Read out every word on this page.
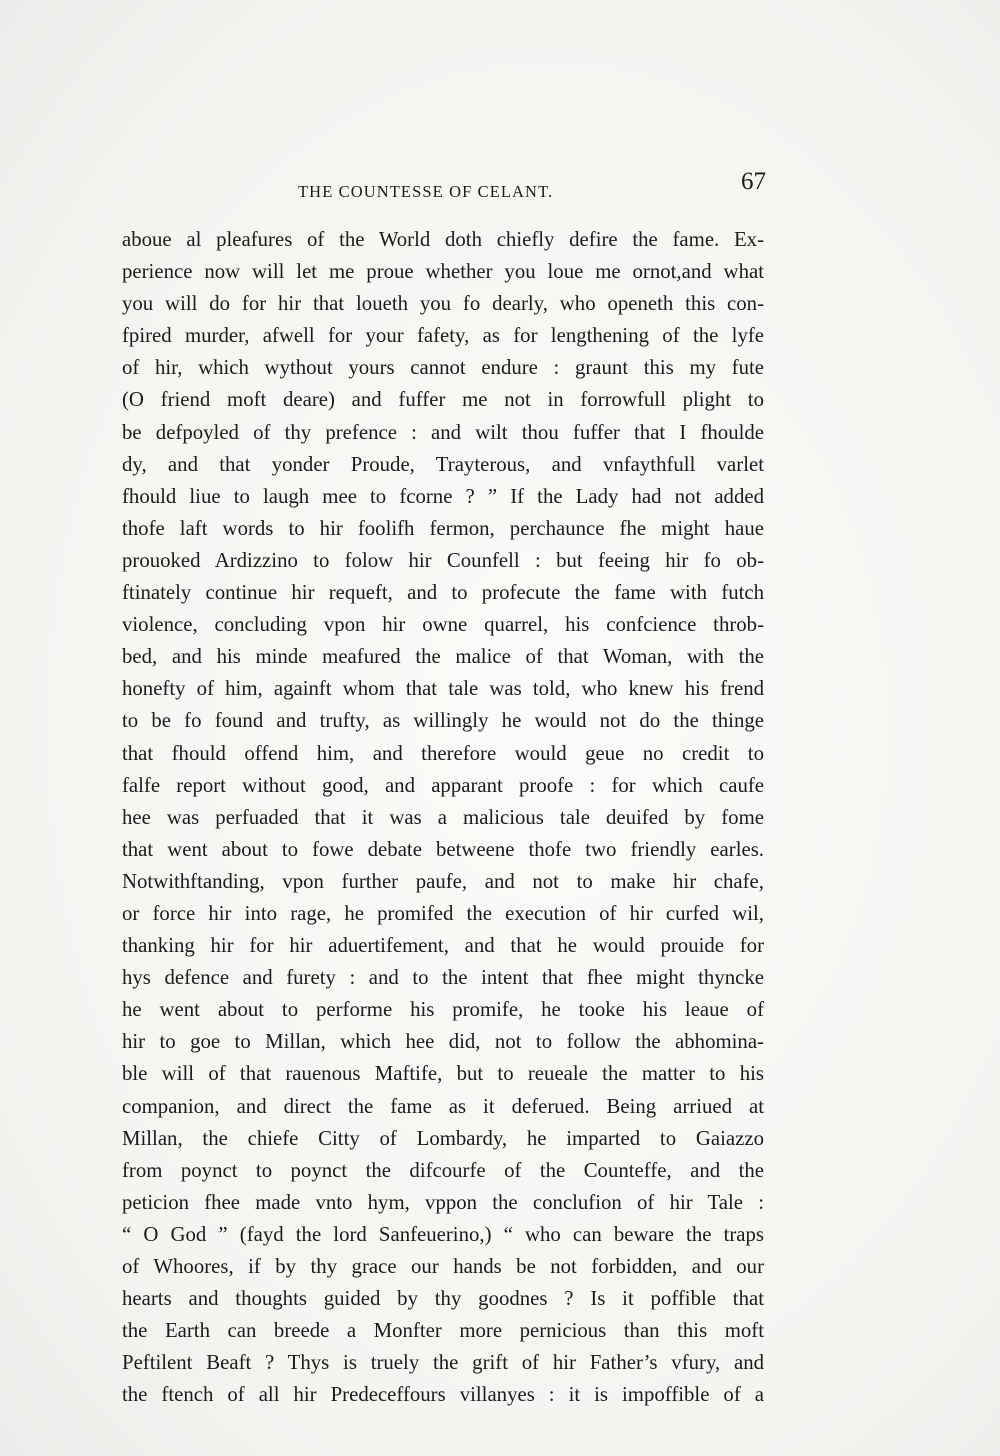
THE COUNTESSE OF CELANT.	67
aboue al pleafures of the World doth chiefly defire the fame. Ex-
perience now will let me proue whether you loue me ornot,and what
you will do for hir that loueth you fo dearly, who openeth this con-
fpired murder, afwell for your fafety, as for lengthening of the lyfe
of hir, which wythout yours cannot endure : graunt this my fute
(O friend moft deare) and fuffer me not in forrowfull plight to
be defpoyled of thy prefence : and wilt thou fuffer that I fhoulde
dy, and that yonder Proude, Trayterous, and vnfaythfull varlet
fhould liue to laugh mee to fcorne ? ” If the Lady had not added
thofe laft words to hir foolifh fermon, perchaunce fhe might haue
prouoked Ardizzino to folow hir Counfell : but feeing hir fo ob-
ftinately continue hir requeft, and to profecute the fame with futch
violence, concluding vpon hir owne quarrel, his confcience throb-
bed, and his minde meafured the malice of that Woman, with the
honefty of him, againft whom that tale was told, who knew his frend
to be fo found and trufty, as willingly he would not do the thinge
that fhould offend him, and therefore would geue no credit to
falfe report without good, and apparant proofe : for which caufe
hee was perfuaded that it was a malicious tale deuifed by fome
that went about to fowe debate betweene thofe two friendly earles.
Notwithftanding, vpon further paufe, and not to make hir chafe,
or force hir into rage, he promifed the execution of hir curfed wil,
thanking hir for hir aduertifement, and that he would prouide for
hys defence and furety : and to the intent that fhee might thyncke
he went about to performe his promife, he tooke his leaue of
hir to goe to Millan, which hee did, not to follow the abhomina-
ble will of that rauenous Maftife, but to reueale the matter to his
companion, and direct the fame as it deferued. Being arriued at
Millan, the chiefe Citty of Lombardy, he imparted to Gaiazzo
from poynct to poynct the difcourfe of the Counteffe, and the
peticion fhee made vnto hym, vppon the conclufion of hir Tale :
“ O God ” (fayd the lord Sanfeuerino,) “ who can beware the traps
of Whoores, if by thy grace our hands be not forbidden, and our
hearts and thoughts guided by thy goodnes ? Is it poffible that
the Earth can breede a Monfter more pernicious than this moft
Peftilent Beaft ? Thys is truely the grift of hir Father’s vfury, and
the ftench of all hir Predeceffours villanyes : it is impoffible of a
